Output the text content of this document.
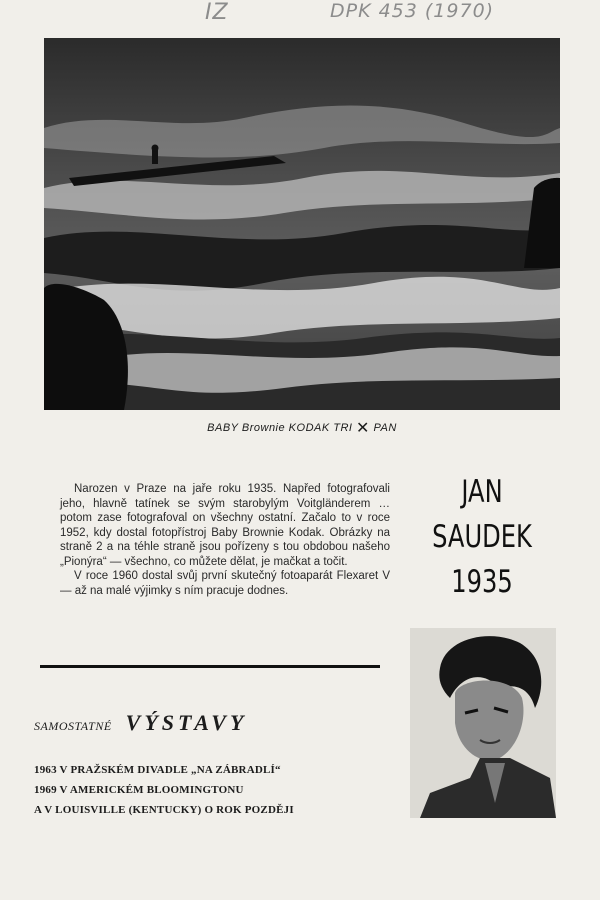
IZ	DPK 453 (1970)
BABY Brownie KODAK TRI ✕ PAN

Narozen v Praze na jaře roku 1935. Napřed fotografovali jeho, hlavně tatínek se svým starobylým Voitgländerem … potom zase fotografoval on všechny ostatní. Začalo to v roce 1952, kdy dostal fotopřístroj Baby Brownie Kodak. Obrázky na straně 2 a na téhle straně jsou pořízeny s tou obdobou našeho „Pionýra“ — všechno, co můžete dělat, je mačkat a točit.

V roce 1960 dostal svůj první skutečný fotoaparát Flexaret V — až na malé výjimky s ním pracuje dodnes.

JAN
SAUDEK
1935
SAMOSTATNÉ VÝSTAVY
1963 V PRAŽSKÉM DIVADLE „NA ZÁBRADLÍ“
1969 V AMERICKÉM BLOOMINGTONU
A V LOUISVILLE (KENTUCKY) O ROK POZDĚJI
